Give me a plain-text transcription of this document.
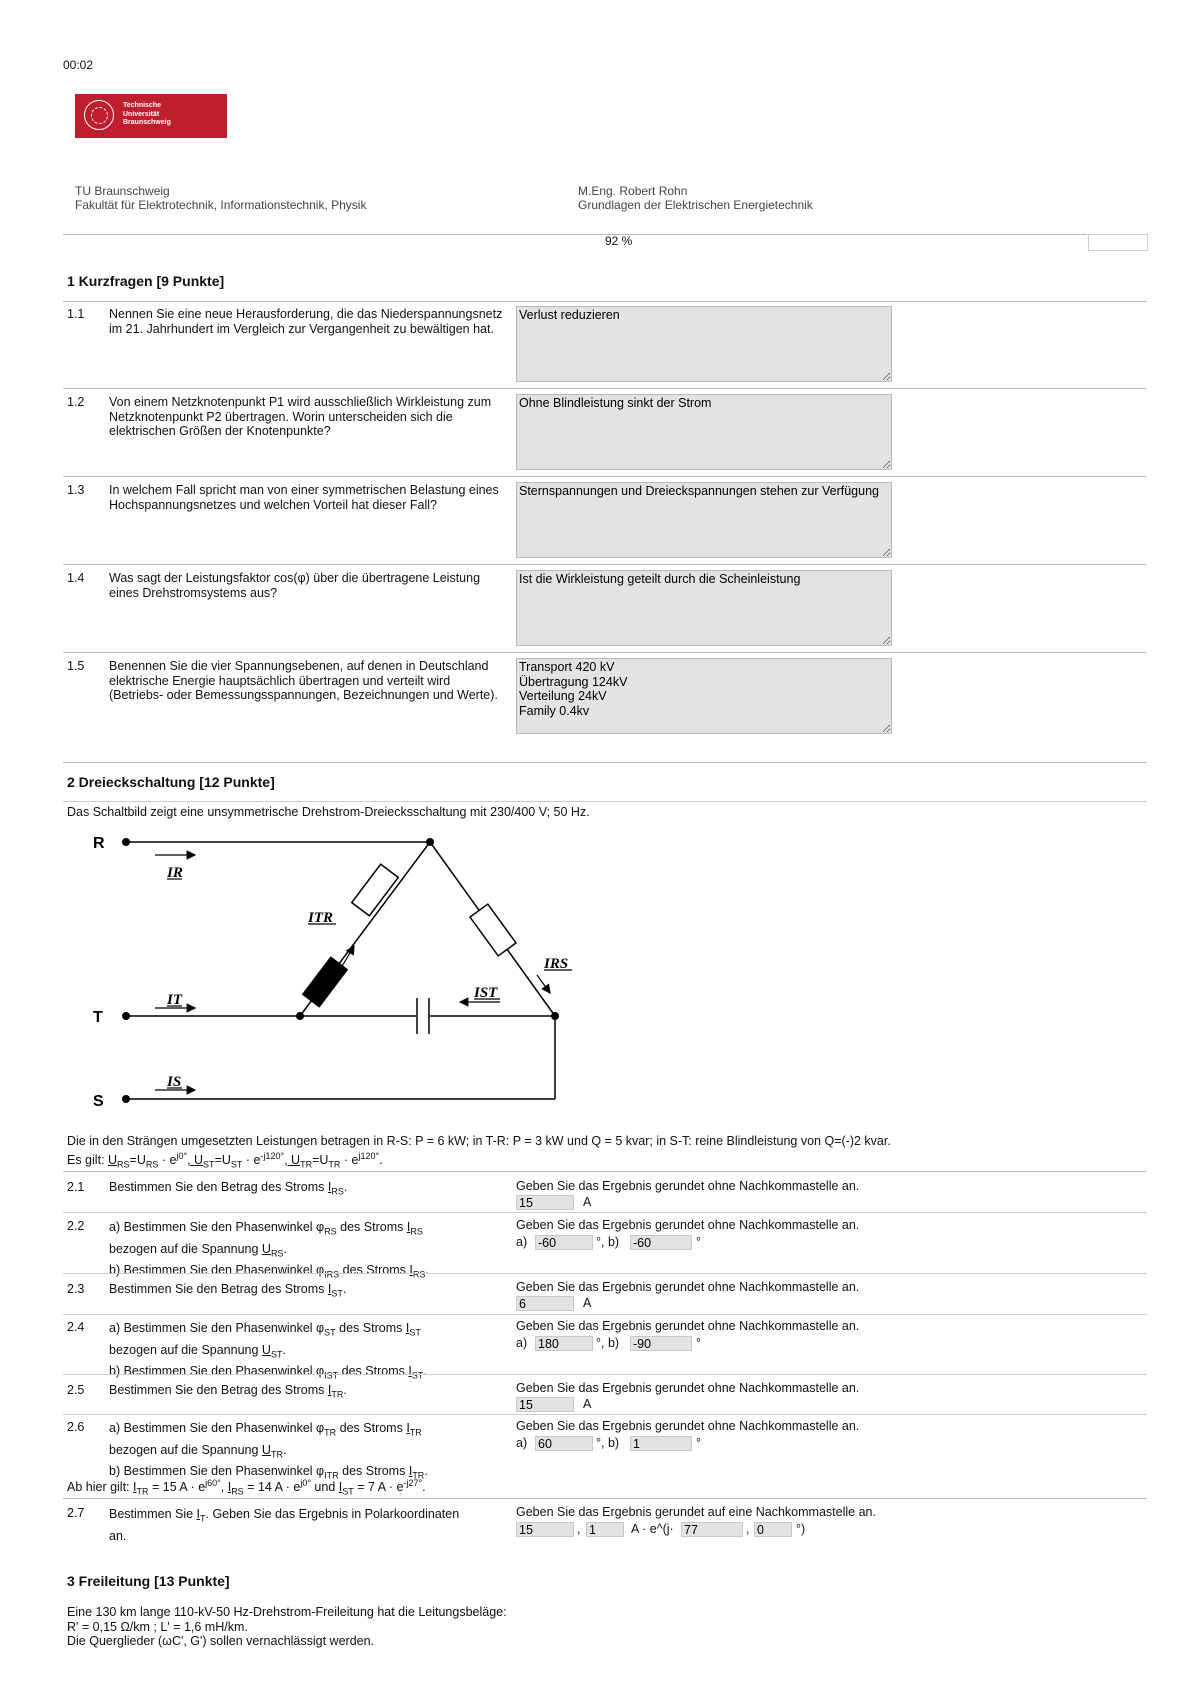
00:02
Technische
Universität
Braunschweig
TU Braunschweig
Fakultät für Elektrotechnik, Informationstechnik, Physik
M.Eng. Robert Rohn
Grundlagen der Elektrischen Energietechnik
92 %
1 Kurzfragen [9 Punkte]
1.1 Nennen Sie eine neue Herausforderung, die das Niederspannungsnetz im 21. Jahrhundert im Vergleich zur Vergangenheit zu bewältigen hat.
Verlust reduzieren
1.2 Von einem Netzknotenpunkt P1 wird ausschließlich Wirkleistung zum Netzknotenpunkt P2 übertragen. Worin unterscheiden sich die elektrischen Größen der Knotenpunkte?
Ohne Blindleistung sinkt der Strom
1.3 In welchem Fall spricht man von einer symmetrischen Belastung eines Hochspannungsnetzes und welchen Vorteil hat dieser Fall?
Sternspannungen und Dreieckspannungen stehen zur Verfügung
1.4 Was sagt der Leistungsfaktor cos(φ) über die übertragene Leistung eines Drehstromsystems aus?
Ist die Wirkleistung geteilt durch die Scheinleistung
1.5 Benennen Sie die vier Spannungsebenen, auf denen in Deutschland elektrische Energie hauptsächlich übertragen und verteilt wird (Betriebs- oder Bemessungsspannungen, Bezeichnungen und Werte).
Transport 420 kV Übertragung 124kV Verteilung 24kV Family 0.4kv
2 Dreieckschaltung [12 Punkte]
Das Schaltbild zeigt eine unsymmetrische Drehstrom-Dreiecksschaltung mit 230/400 V; 50 Hz.
R
T
S
IR
IT
IS
ITR
IRS
IST
Die in den Strängen umgesetzten Leistungen betragen in R-S: P = 6 kW; in T-R: P = 3 kW und Q = 5 kvar; in S-T: reine Blindleistung von Q=(-)2 kvar.
Es gilt: $U_{RS}=U_{RS} \cdot e^{j0^\circ}$, $U_{ST}=U_{ST} \cdot e^{-j120^\circ}$, $U_{TR}=U_{TR} \cdot e^{j120^\circ}$.
2.1 Bestimmen Sie den Betrag des Stroms $I_{RS}$.	Geben Sie das Ergebnis gerundet ohne Nachkommastelle an.
15
A
2.2 a) Bestimmen Sie den Phasenwinkel $\varphi_{RS}$ des Stroms $I_{RS}$
bezogen auf die Spannung $U_{RS}$.
b) Bestimmen Sie den Phasenwinkel $\varphi_{IRS}$ des Stroms $I_{RS}$.
Geben Sie das Ergebnis gerundet ohne Nachkommastelle an.
a)
-60	°, b)
-60	°
2.3 Bestimmen Sie den Betrag des Stroms $I_{ST}$.	Geben Sie das Ergebnis gerundet ohne Nachkommastelle an.
6
A
2.4 a) Bestimmen Sie den Phasenwinkel $\varphi_{ST}$ des Stroms $I_{ST}$
bezogen auf die Spannung $U_{ST}$.
b) Bestimmen Sie den Phasenwinkel $\varphi_{IST}$ des Stroms $I_{ST}$.
Geben Sie das Ergebnis gerundet ohne Nachkommastelle an.
a)
180	°, b)
-90	°
2.5 Bestimmen Sie den Betrag des Stroms $I_{TR}$.	Geben Sie das Ergebnis gerundet ohne Nachkommastelle an.
15
A
2.6 a) Bestimmen Sie den Phasenwinkel $\varphi_{TR}$ des Stroms $I_{TR}$
bezogen auf die Spannung $U_{TR}$.
b) Bestimmen Sie den Phasenwinkel $\varphi_{ITR}$ des Stroms $I_{TR}$.
Geben Sie das Ergebnis gerundet ohne Nachkommastelle an.
a)
60	°, b)
1	°
Ab hier gilt: $I_{TR} = 15$ $A \cdot e^{j60^\circ}$, $I_{RS} = 14$ $A \cdot e^{j0^\circ}$ und $I_{ST} = 7$ $A \cdot e^{-j27^\circ}$.
2.7 Bestimmen Sie $I_T$. Geben Sie das Ergebnis in Polarkoordinaten
an.
Geben Sie das Ergebnis gerundet auf eine Nachkommastelle an.
15
,
1	A · e^(j·
77	,
0	°)
3 Freileitung [13 Punkte]
Eine 130 km lange 110-kV-50 Hz-Drehstrom-Freileitung hat die Leitungsbeläge:
R' = 0,15 Ω/km ; L' = 1,6 mH/km.
Die Querglieder (ωC', G') sollen vernachlässigt werden.
